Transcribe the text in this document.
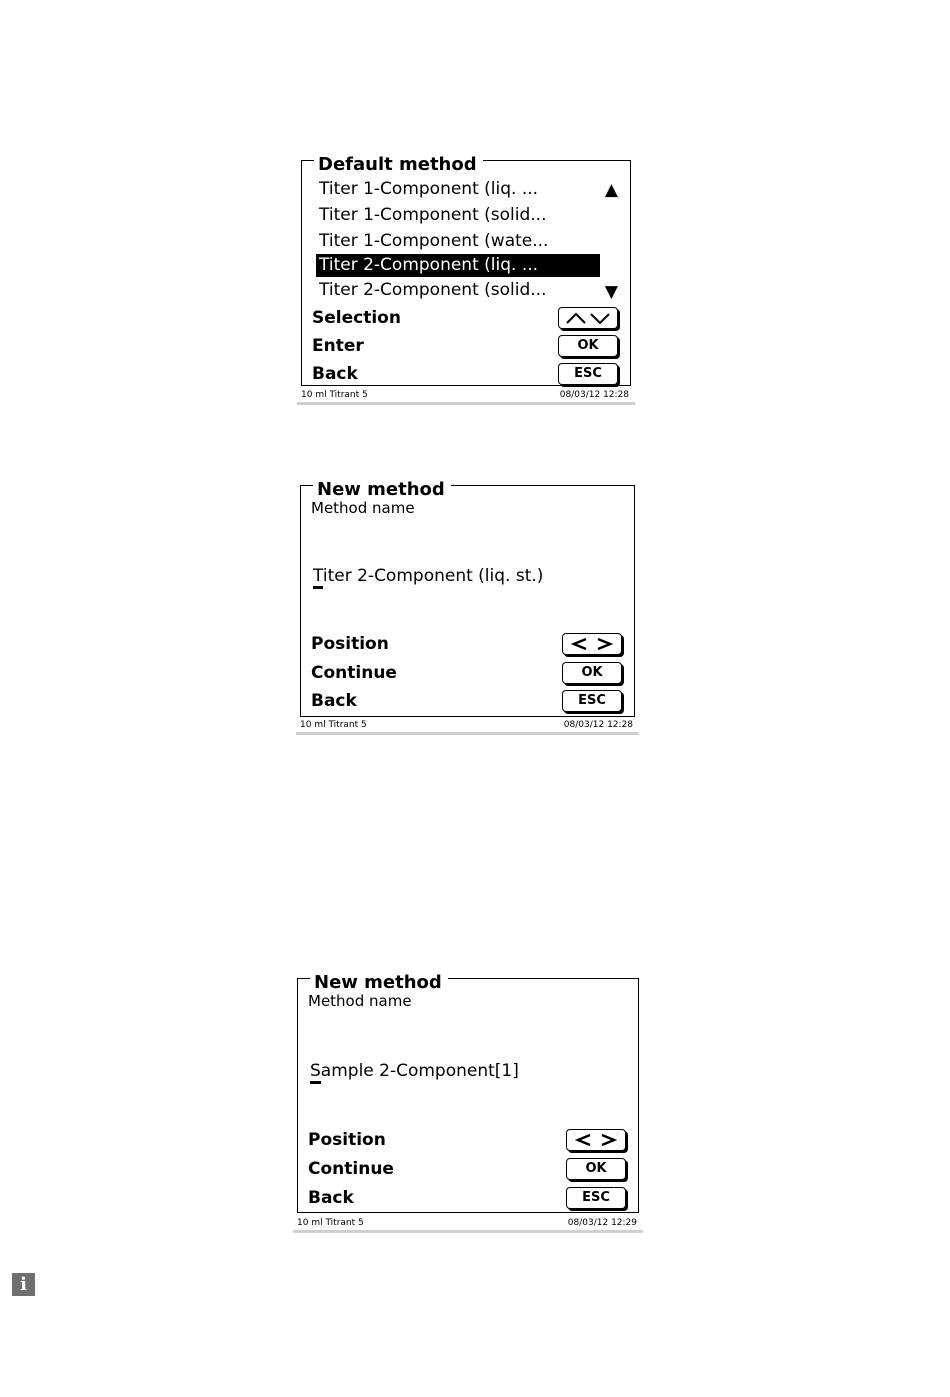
Default method
Titer 1-Component (liq. ...
Titer 1-Component (solid...
Titer 1-Component (wate...
Titer 2-Component (liq. ...
Titer 2-Component (solid...
▲
▼
Selection
Enter	OK
Back	ESC
10 ml Titrant 5	08/03/12 12:28
New method
Method name
Titer 2-Component (liq. st.)
Position
Continue	OK
Back	ESC
10 ml Titrant 5	08/03/12 12:28
New method
Method name
Sample 2-Component[1]
Position
Continue	OK
Back	ESC
10 ml Titrant 5	08/03/12 12:29
i
